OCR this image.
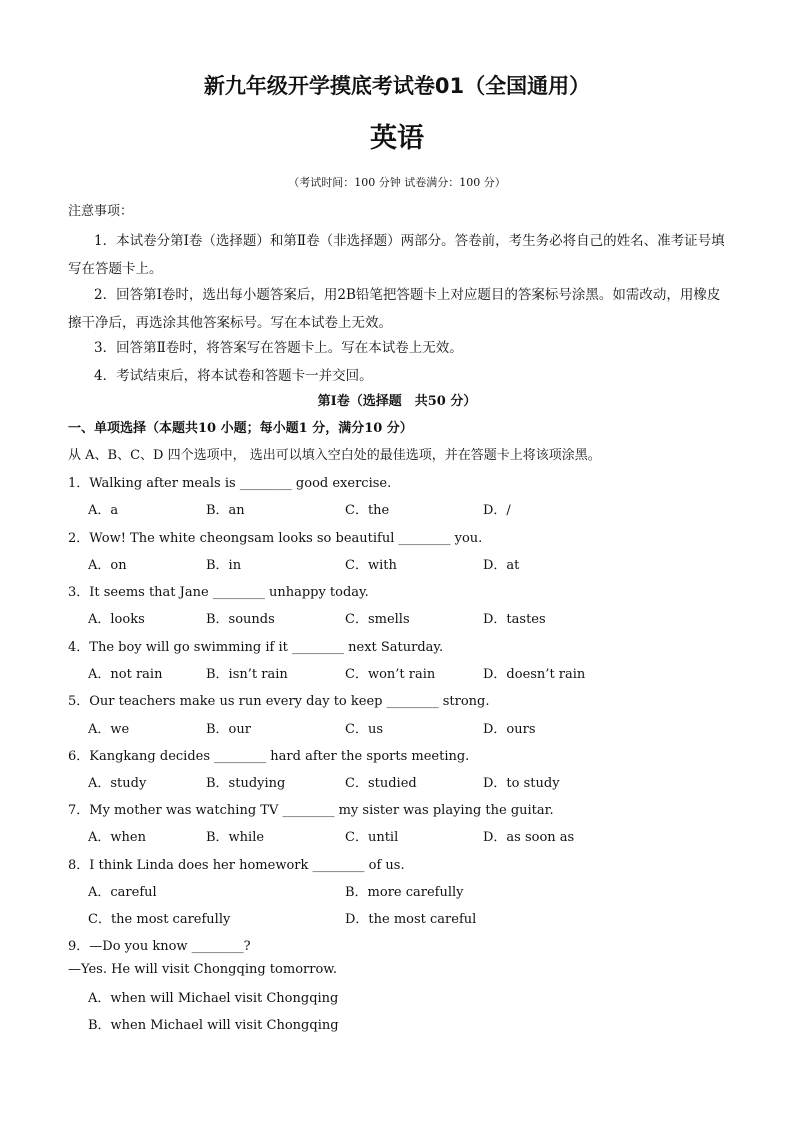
新九年级开学摸底考试卷01（全国通用）
英语
（考试时间：100 分钟 试卷满分：100 分）
注意事项：
1．本试卷分第Ⅰ卷（选择题）和第Ⅱ卷（非选择题）两部分。答卷前，考生务必将自己的姓名、准考证号填写在答题卡上。
2．回答第Ⅰ卷时，选出每小题答案后，用2B铅笔把答题卡上对应题目的答案标号涂黑。如需改动，用橡皮擦干净后，再选涂其他答案标号。写在本试卷上无效。
3．回答第Ⅱ卷时，将答案写在答题卡上。写在本试卷上无效。
4．考试结束后，将本试卷和答题卡一并交回。
第Ⅰ卷（选择题　共50 分）
一、单项选择（本题共10 小题；每小题1 分，满分10 分）
从 A、B、C、D 四个选项中， 选出可以填入空白处的最佳选项，并在答题卡上将该项涂黑。
1．Walking after meals is ________ good exercise.
A．a	B．an	C．the	D．/
2．Wow! The white cheongsam looks so beautiful ________ you.
A．on	B．in	C．with	D．at
3．It seems that Jane ________ unhappy today.
A．looks	B．sounds	C．smells	D．tastes
4．The boy will go swimming if it ________ next Saturday.
A．not rain	B．isn’t rain	C．won’t rain	D．doesn’t rain
5．Our teachers make us run every day to keep ________ strong.
A．we	B．our	C．us	D．ours
6．Kangkang decides ________ hard after the sports meeting.
A．study	B．studying	C．studied	D．to study
7．My mother was watching TV ________ my sister was playing the guitar.
A．when	B．while	C．until	D．as soon as
8．I think Linda does her homework ________ of us.
A．careful	B．more carefully
C．the most carefully	D．the most careful
9．—Do you know ________?
—Yes. He will visit Chongqing tomorrow.
A．when will Michael visit Chongqing
B．when Michael will visit Chongqing
